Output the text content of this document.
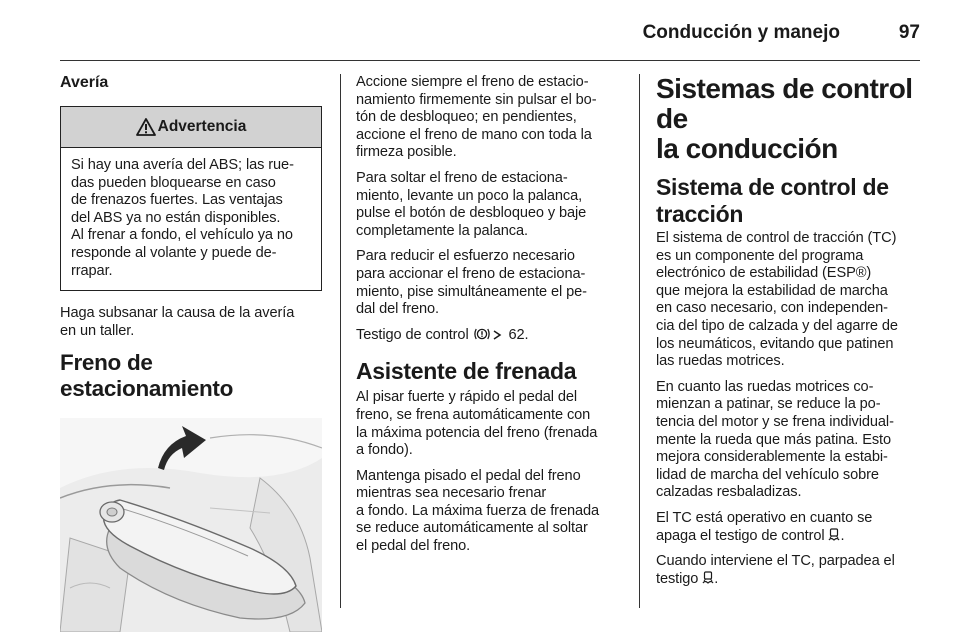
Conducción y manejo	97
Avería
Advertencia

Si hay una avería del ABS; las rue-
das pueden bloquearse en caso
de frenazos fuertes. Las ventajas
del ABS ya no están disponibles.
Al frenar a fondo, el vehículo ya no
responde al volante y puede de-
rrapar.

Haga subsanar la causa de la avería
en un taller.

Freno de estacionamiento

Accione siempre el freno de estacio-
namiento firmemente sin pulsar el bo-
tón de desbloqueo; en pendientes,
accione el freno de mano con toda la
firmeza posible.

Para soltar el freno de estaciona-
miento, levante un poco la palanca,
pulse el botón de desbloqueo y baje
completamente la palanca.

Para reducir el esfuerzo necesario
para accionar el freno de estaciona-
miento, pise simultáneamente el pe-
dal del freno.

Testigo de control  62.

Asistente de frenada

Al pisar fuerte y rápido el pedal del
freno, se frena automáticamente con
la máxima potencia del freno (frenada
a fondo).

Mantenga pisado el pedal del freno
mientras sea necesario frenar
a fondo. La máxima fuerza de frenada
se reduce automáticamente al soltar
el pedal del freno.

Sistemas de control de
la conducción
Sistema de control de
tracción

El sistema de control de tracción (TC)
es un componente del programa
electrónico de estabilidad (ESP®)
que mejora la estabilidad de marcha
en caso necesario, con independen-
cia del tipo de calzada y del agarre de
los neumáticos, evitando que patinen
las ruedas motrices.

En cuanto las ruedas motrices co-
mienzan a patinar, se reduce la po-
tencia del motor y se frena individual-
mente la rueda que más patina. Esto
mejora considerablemente la estabi-
lidad de marcha del vehículo sobre
calzadas resbaladizas.

El TC está operativo en cuanto se
apaga el testigo de control .

Cuando interviene el TC, parpadea el
testigo .
